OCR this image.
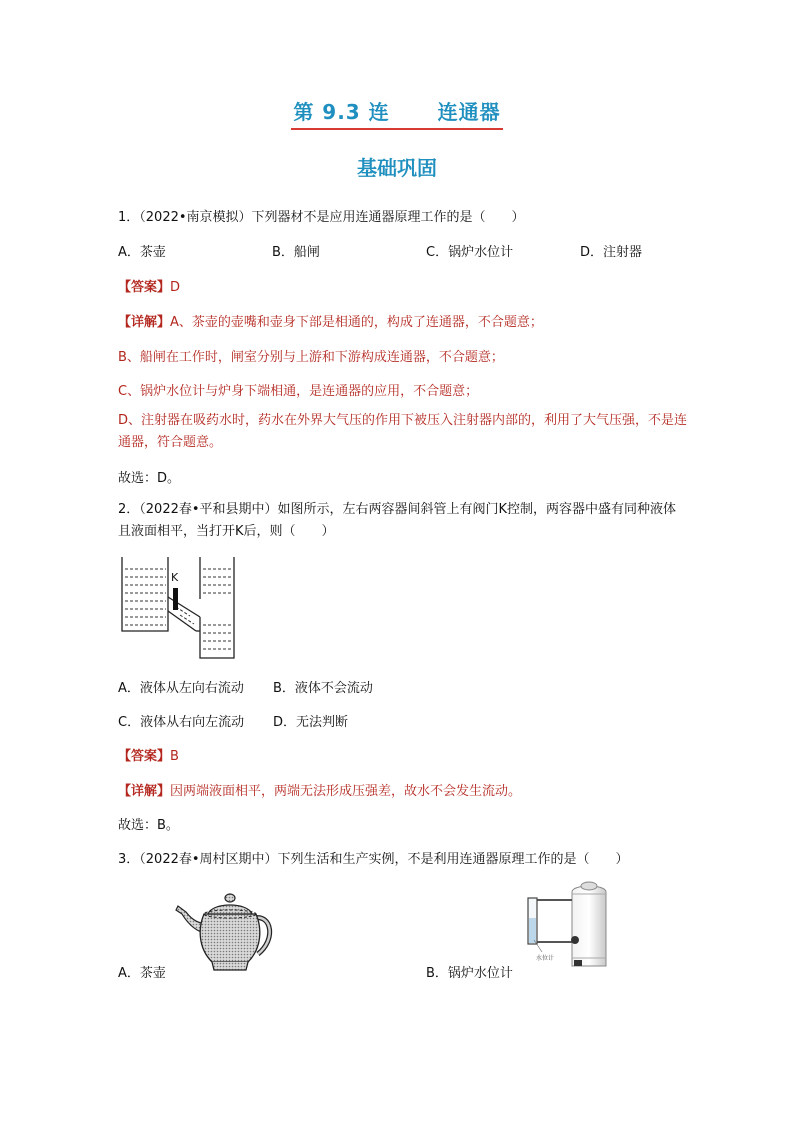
第 9.3 连 连通器
基础巩固
1．（2022•南京模拟）下列器材不是应用连通器原理工作的是（　　）
A．茶壶	B．船闸	C．锅炉水位计	D．注射器
【答案】D
【详解】A、茶壶的壶嘴和壶身下部是相通的，构成了连通器，不合题意；
B、船闸在工作时，闸室分别与上游和下游构成连通器，不合题意；
C、锅炉水位计与炉身下端相通，是连通器的应用，不合题意；
D、注射器在吸药水时，药水在外界大气压的作用下被压入注射器内部的，利用了大气压强，不是连通器，符合题意。
故选：D。
2．（2022春•平和县期中）如图所示，左右两容器间斜管上有阀门K控制，两容器中盛有同种液体且液面相平，当打开K后，则（　　）
K
A．液体从左向右流动 B．液体不会流动
C．液体从右向左流动 D．无法判断
【答案】B
【详解】因两端液面相平，两端无法形成压强差，故水不会发生流动。
故选：B。
3．（2022春•周村区期中）下列生活和生产实例，不是利用连通器原理工作的是（　　）
A．茶壶
水位计
B．锅炉水位计
